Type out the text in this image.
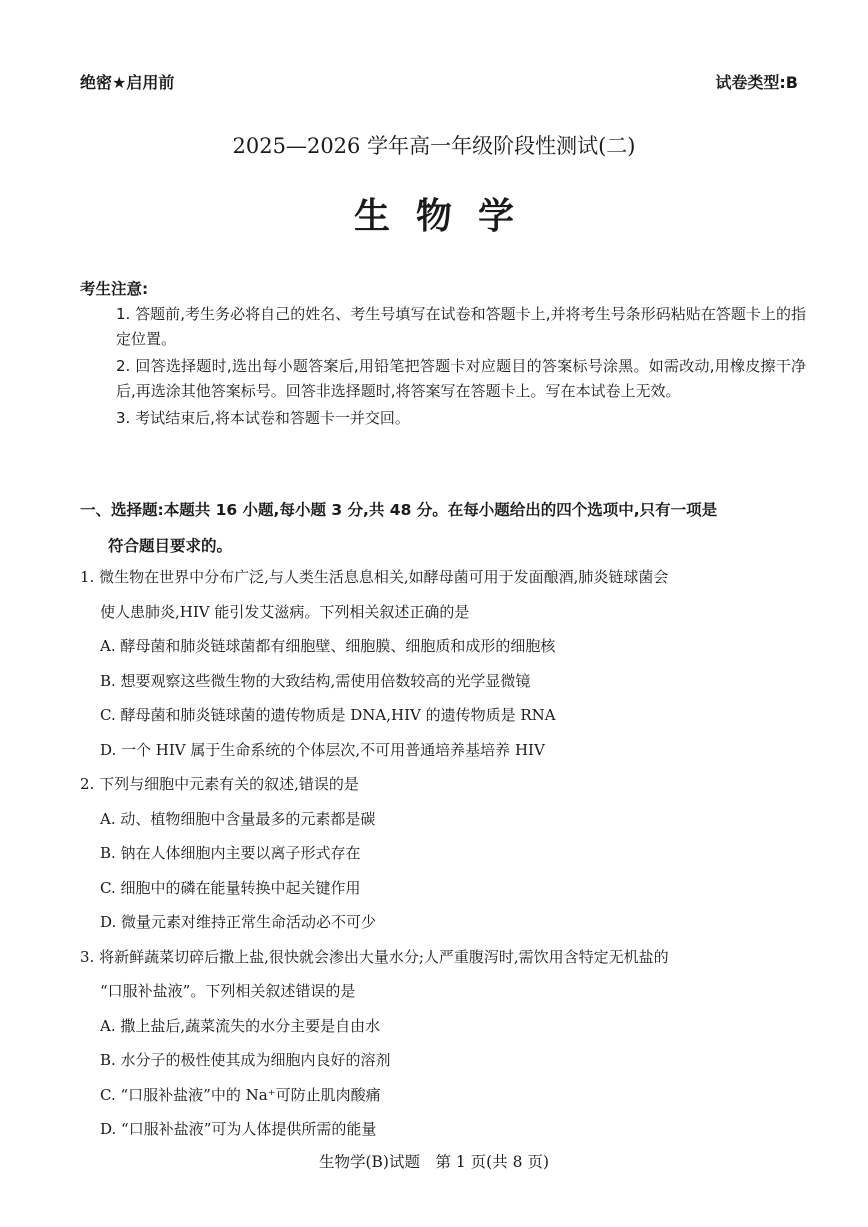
绝密★启用前	试卷类型:B
2025—2026 学年高一年级阶段性测试(二)
生物学
考生注意:
1. 答题前,考生务必将自己的姓名、考生号填写在试卷和答题卡上,并将考生号条形码粘贴在答题卡上的指定位置。
2. 回答选择题时,选出每小题答案后,用铅笔把答题卡对应题目的答案标号涂黑。如需改动,用橡皮擦干净后,再选涂其他答案标号。回答非选择题时,将答案写在答题卡上。写在本试卷上无效。
3. 考试结束后,将本试卷和答题卡一并交回。
一、选择题:本题共 16 小题,每小题 3 分,共 48 分。在每小题给出的四个选项中,只有一项是
符合题目要求的。

1. 微生物在世界中分布广泛,与人类生活息息相关,如酵母菌可用于发面酿酒,肺炎链球菌会
使人患肺炎,HIV 能引发艾滋病。下列相关叙述正确的是

A. 酵母菌和肺炎链球菌都有细胞壁、细胞膜、细胞质和成形的细胞核

B. 想要观察这些微生物的大致结构,需使用倍数较高的光学显微镜

C. 酵母菌和肺炎链球菌的遗传物质是 DNA,HIV 的遗传物质是 RNA

D. 一个 HIV 属于生命系统的个体层次,不可用普通培养基培养 HIV

2. 下列与细胞中元素有关的叙述,错误的是

A. 动、植物细胞中含量最多的元素都是碳

B. 钠在人体细胞内主要以离子形式存在

C. 细胞中的磷在能量转换中起关键作用

D. 微量元素对维持正常生命活动必不可少

3. 将新鲜蔬菜切碎后撒上盐,很快就会渗出大量水分;人严重腹泻时,需饮用含特定无机盐的
“口服补盐液”。下列相关叙述错误的是

A. 撒上盐后,蔬菜流失的水分主要是自由水

B. 水分子的极性使其成为细胞内良好的溶剂

C. “口服补盐液”中的 Na⁺可防止肌肉酸痛

D. “口服补盐液”可为人体提供所需的能量

生物学(B)试题　第 1 页(共 8 页)
